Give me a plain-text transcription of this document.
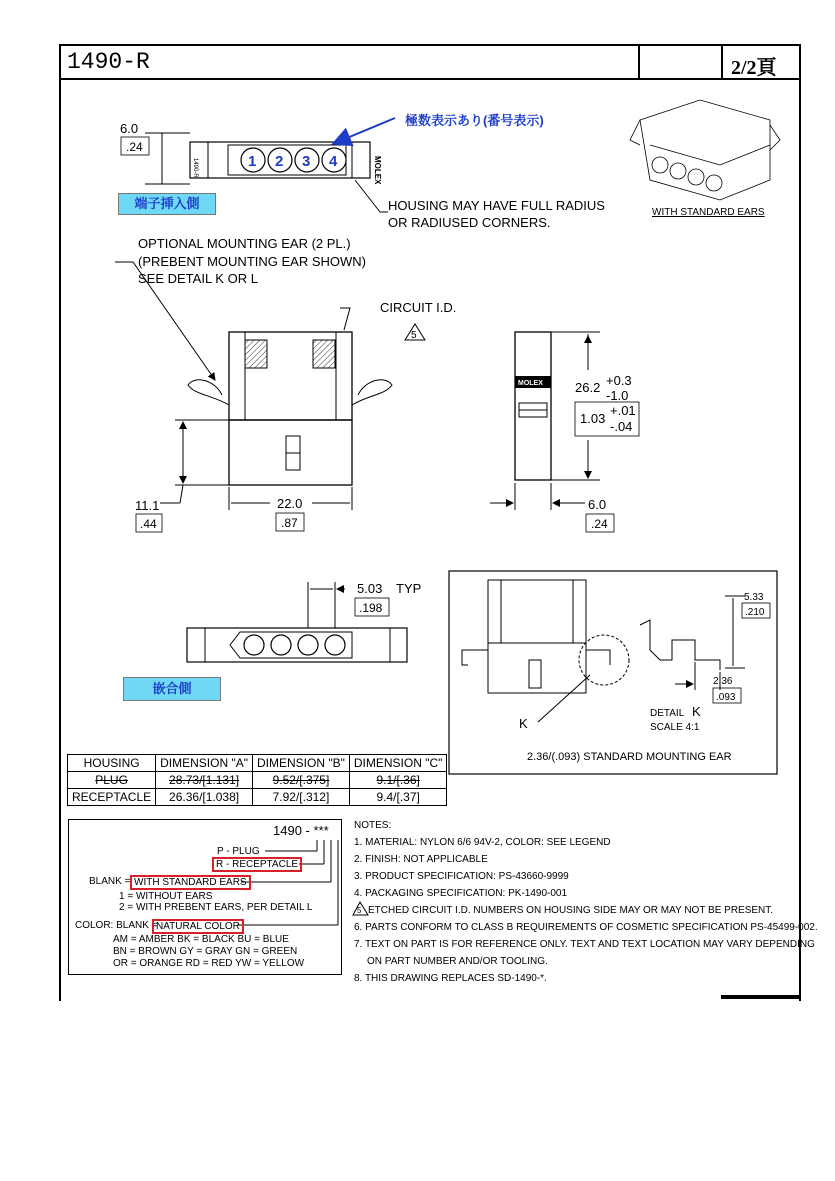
1490-R	2/2頁
6.0
.24
1490-R	MOLEX
1 2 3 4
WITH STANDARD EARS
5
11.1
.44
22.0
.87
MOLEX 26.2 +0.3
-1.0
1.03
+.01
-.04
6.0
.24
5.03 TYP
.198
K
5.33
.210
2.36
.093
DETAIL K
SCALE 4:1
2.36/(.093) STANDARD MOUNTING EAR
5
極数表示あり(番号表示)
端子挿入側
嵌合側
HOUSING MAY HAVE FULL RADIUS
OR RADIUSED CORNERS.
OPTIONAL MOUNTING EAR (2 PL.)
(PREBENT MOUNTING EAR SHOWN)
SEE DETAIL K OR L
CIRCUIT I.D.
HOUSING	DIMENSION "A"	DIMENSION "B"	DIMENSION "C"
PLUG	28.73/[1.131]	9.52/[.375]	9.1/[.36]
RECEPTACLE	26.36/[1.038]	7.92/[.312]	9.4/[.37]
1490 - ***
P - PLUG
R - RECEPTACLE
BLANK = WITH STANDARD EARS
1 = WITHOUT EARS
2 = WITH PREBENT EARS, PER DETAIL L
COLOR: BLANK =
NATURAL COLOR
AM = AMBER BK = BLACK BU = BLUE
BN = BROWN GY = GRAY GN = GREEN
OR = ORANGE RD = RED YW = YELLOW
NOTES:
1. MATERIAL: NYLON 6/6 94V-2, COLOR: SEE LEGEND
2. FINISH: NOT APPLICABLE
3. PRODUCT SPECIFICATION: PS-43660-9999
4. PACKAGING SPECIFICATION: PK-1490-001
ETCHED CIRCUIT I.D. NUMBERS ON HOUSING SIDE MAY OR MAY NOT BE PRESENT.
6. PARTS CONFORM TO CLASS B REQUIREMENTS OF COSMETIC SPECIFICATION PS-45499-002.
7. TEXT ON PART IS FOR REFERENCE ONLY. TEXT AND TEXT LOCATION MAY VARY DEPENDING
ON PART NUMBER AND/OR TOOLING.
8. THIS DRAWING REPLACES SD-1490-*.
